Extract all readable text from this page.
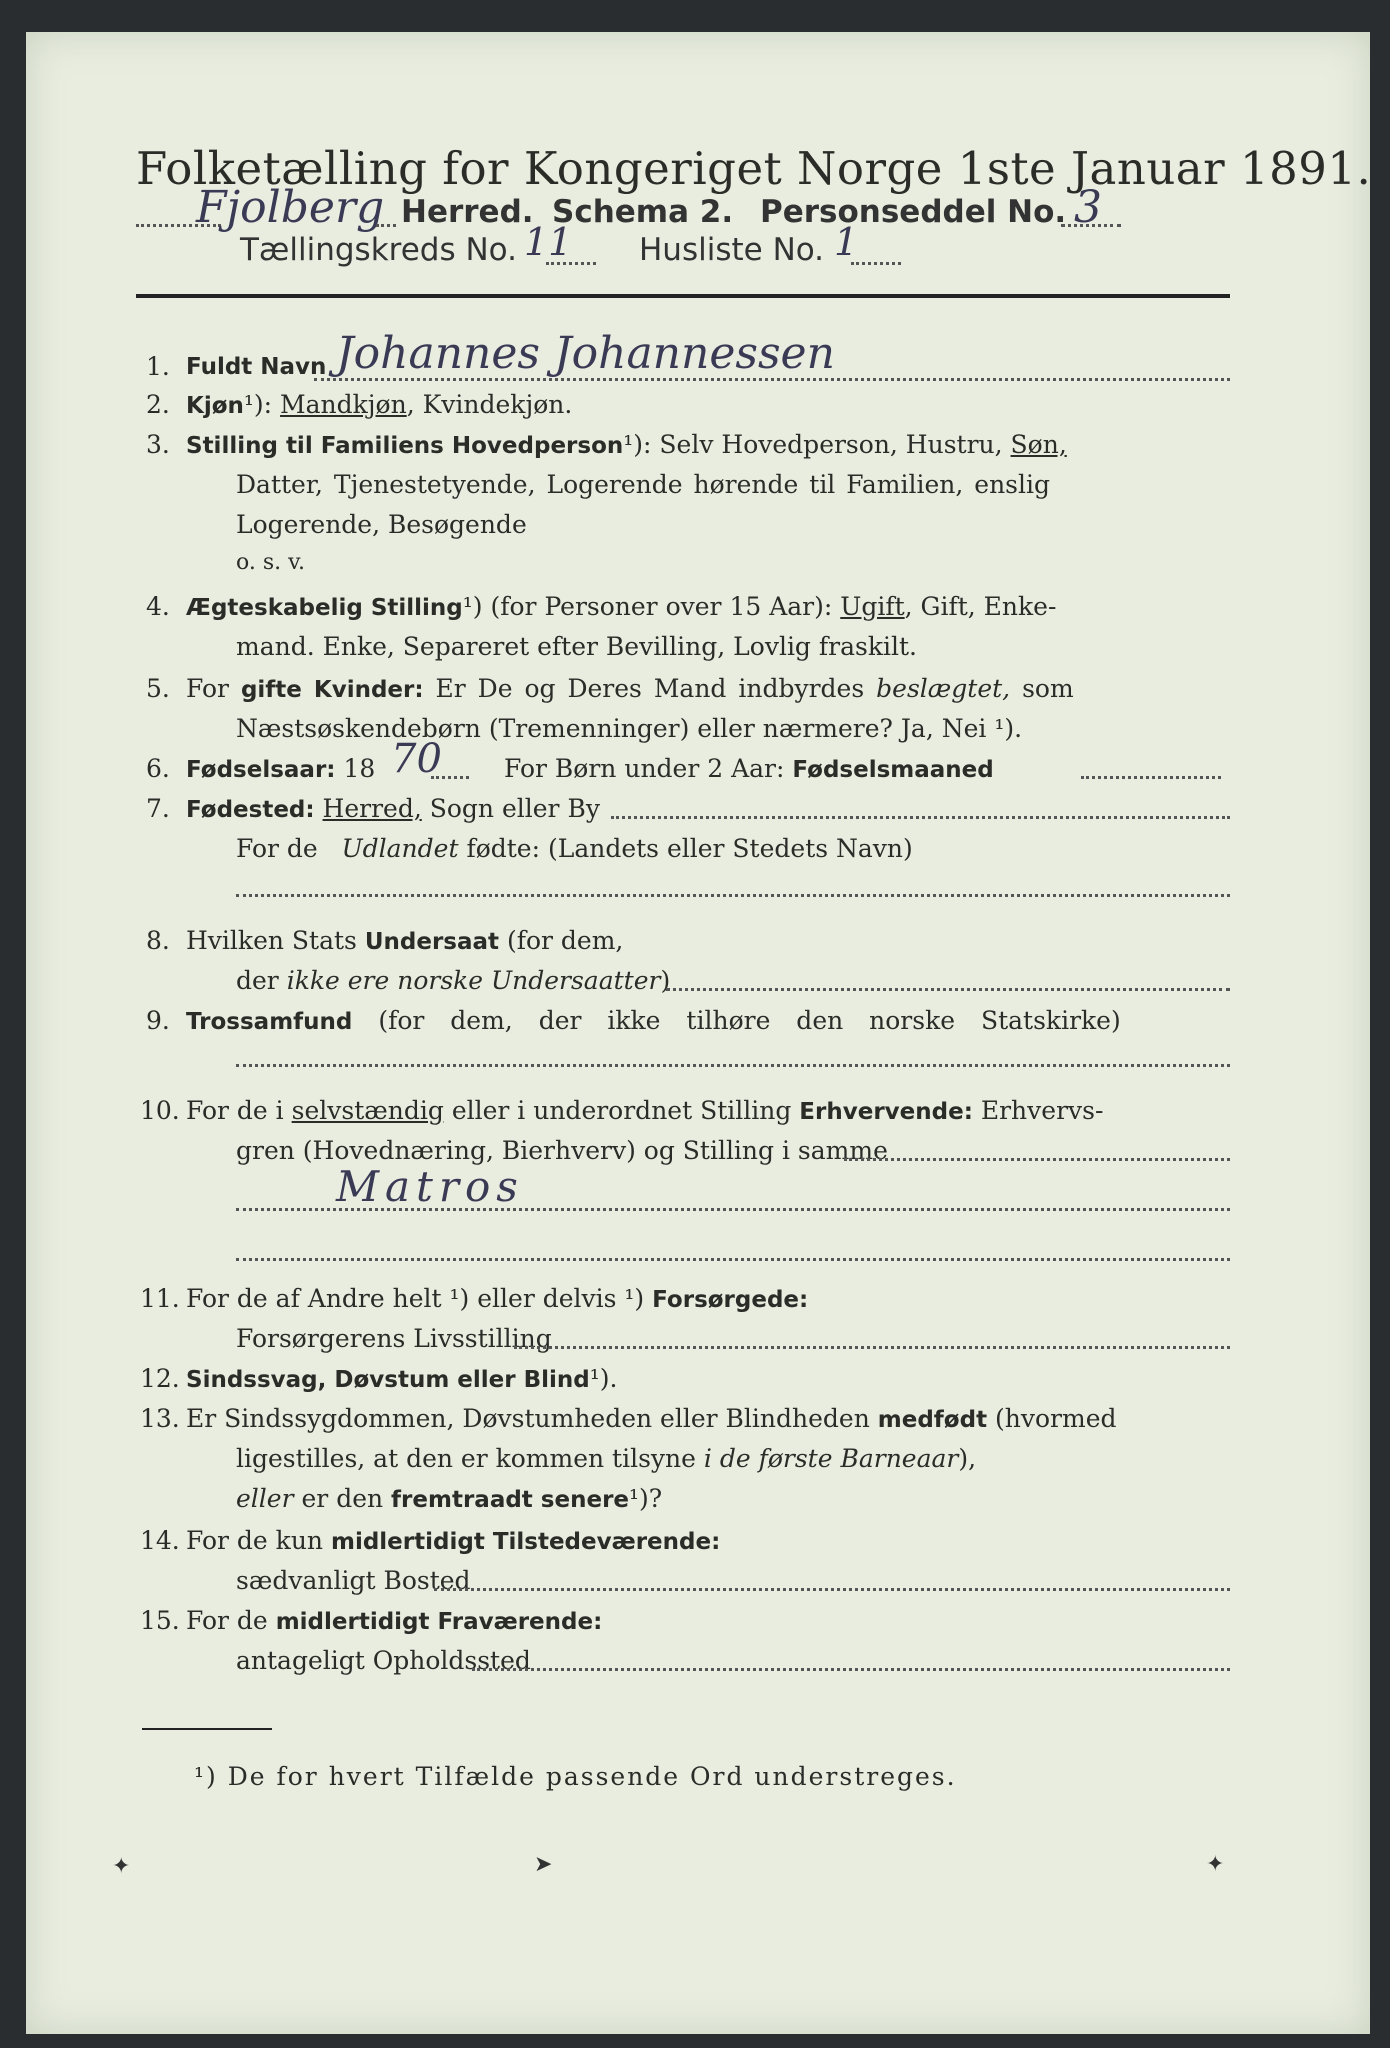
Folketælling for Kongeriget Norge 1ste Januar 1891.
Fjolberg Herred. Schema 2. Personseddel No. 3
Tællingskreds No. 11 Husliste No. 1
1. Fuldt Navn Johannes Johannessen
2. Kjøn¹): Mandkjøn, Kvindekjøn.
3. Stilling til Familiens Hovedperson¹): Selv Hovedperson, Hustru, Søn,
Datter, Tjenestetyende, Logerende hørende til Familien, enslig
Logerende, Besøgende
o. s. v.
4. Ægteskabelig Stilling¹) (for Personer over 15 Aar): Ugift, Gift, Enke-
mand. Enke, Separeret efter Bevilling, Lovlig fraskilt.
5. For gifte Kvinder: Er De og Deres Mand indbyrdes beslægtet, som
Næstsøskendebørn (Tremenninger) eller nærmere? Ja, Nei ¹).
6. Fødselsaar: 18 70 For Børn under 2 Aar: Fødselsmaaned
7. Fødested: Herred, Sogn eller By
For de Udlandet fødte: (Landets eller Stedets Navn)
8. Hvilken Stats Undersaat (for dem,
der ikke ere norske Undersaatter)
9. Trossamfund (for dem, der ikke tilhøre den norske Statskirke)
10. For de i selvstændig eller i underordnet Stilling Erhvervende: Erhvervs-
gren (Hovednæring, Bierhverv) og Stilling i samme
Matros
11. For de af Andre helt ¹) eller delvis ¹) Forsørgede:
Forsørgerens Livsstilling
12. Sindssvag, Døvstum eller Blind¹).
13. Er Sindssygdommen, Døvstumheden eller Blindheden medfødt (hvormed
ligestilles, at den er kommen tilsyne i de første Barneaar),
eller er den fremtraadt senere¹)?
14. For de kun midlertidigt Tilstedeværende:
sædvanligt Bosted
15. For de midlertidigt Fraværende:
antageligt Opholdssted
¹) De for hvert Tilfælde passende Ord understreges.
✦	➤	✦
